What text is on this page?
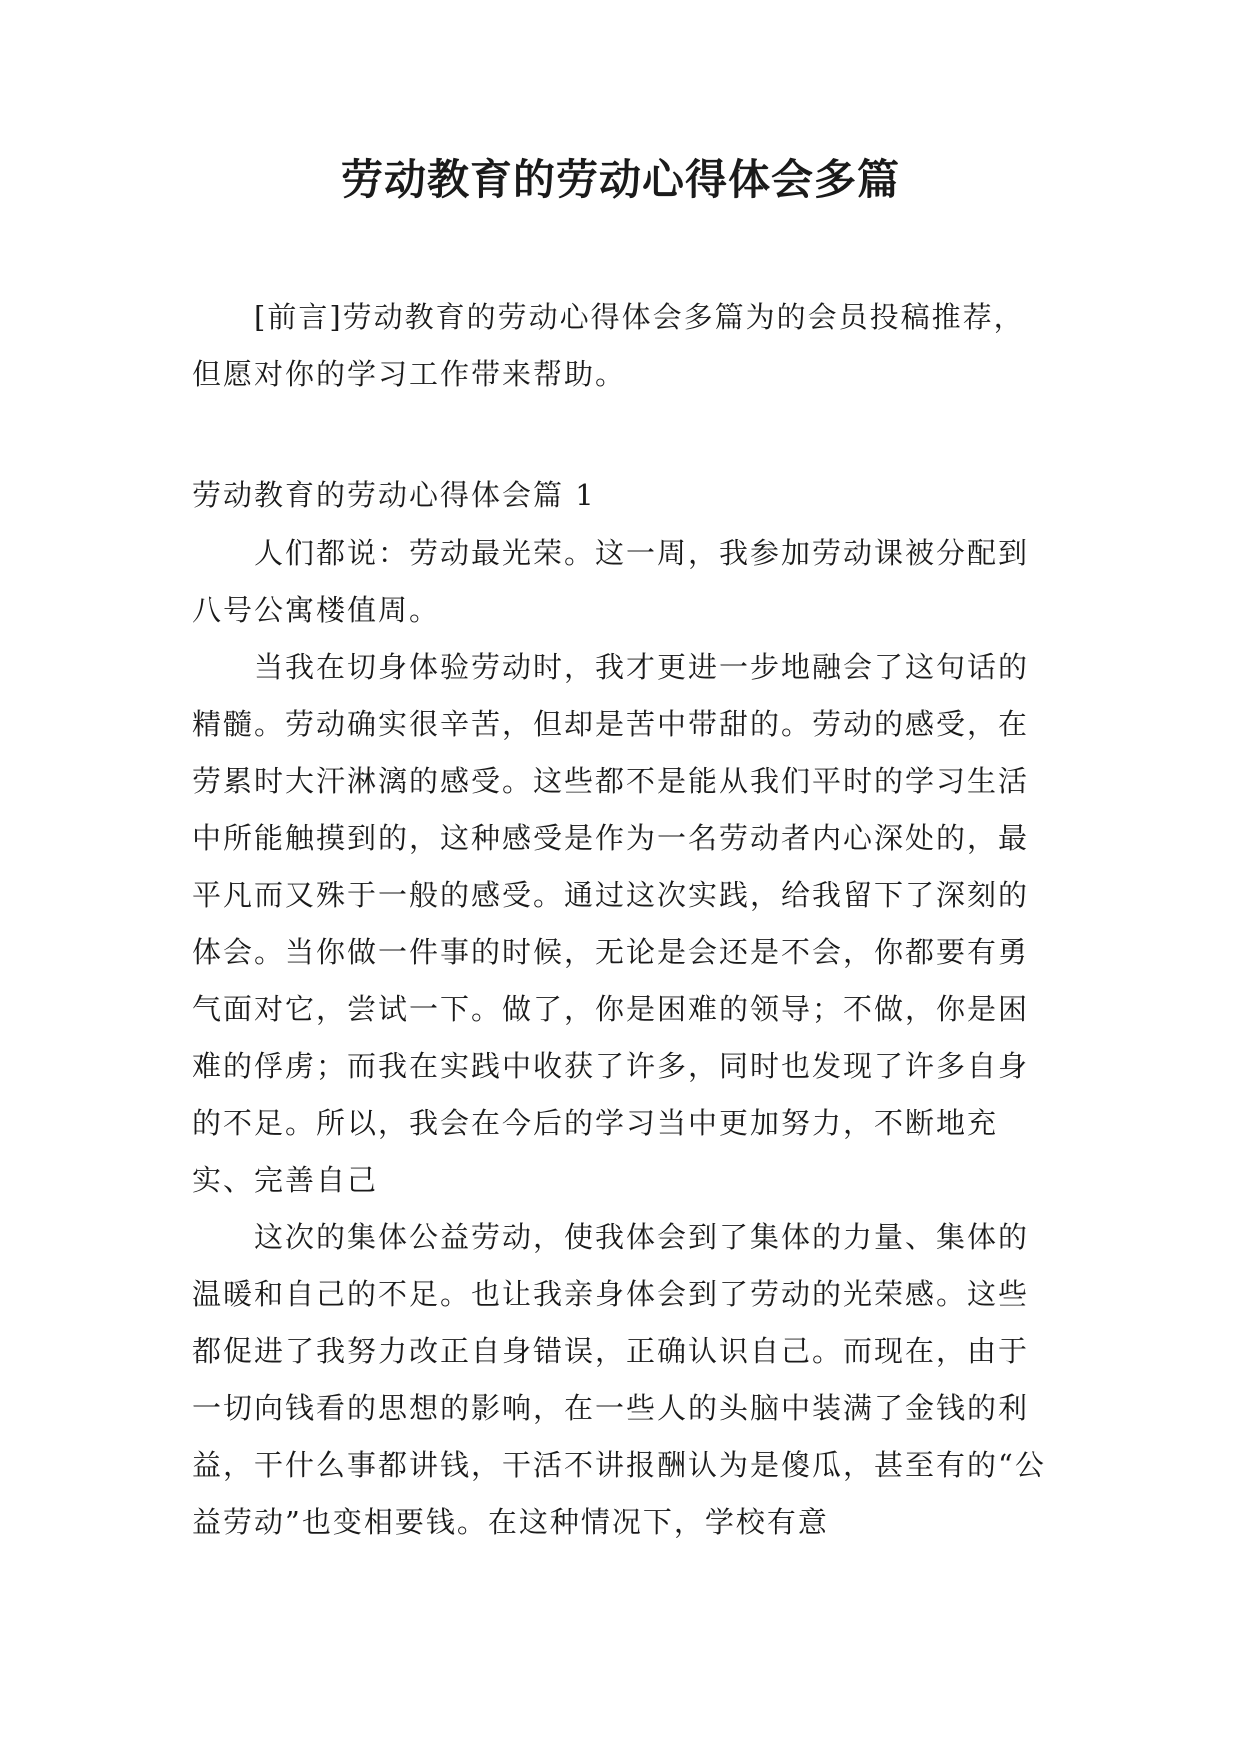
劳动教育的劳动心得体会多篇

[前言]劳动教育的劳动心得体会多篇为的会员投稿推荐，但愿对你的学习工作带来帮助。

劳动教育的劳动心得体会篇 1

人们都说：劳动最光荣。这一周，我参加劳动课被分配到八号公寓楼值周。

当我在切身体验劳动时，我才更进一步地融会了这句话的精髓。劳动确实很辛苦，但却是苦中带甜的。劳动的感受，在劳累时大汗淋漓的感受。这些都不是能从我们平时的学习生活中所能触摸到的，这种感受是作为一名劳动者内心深处的，最平凡而又殊于一般的感受。通过这次实践，给我留下了深刻的体会。当你做一件事的时候，无论是会还是不会，你都要有勇气面对它，尝试一下。做了，你是困难的领导；不做，你是困难的俘虏；而我在实践中收获了许多，同时也发现了许多自身的不足。所以，我会在今后的学习当中更加努力，不断地充实、完善自己

这次的集体公益劳动，使我体会到了集体的力量、集体的温暖和自己的不足。也让我亲身体会到了劳动的光荣感。这些都促进了我努力改正自身错误，正确认识自己。而现在，由于一切向钱看的思想的影响，在一些人的头脑中装满了金钱的利益，干什么事都讲钱，干活不讲报酬认为是傻瓜，甚至有的“公益劳动”也变相要钱。在这种情况下，学校有意
